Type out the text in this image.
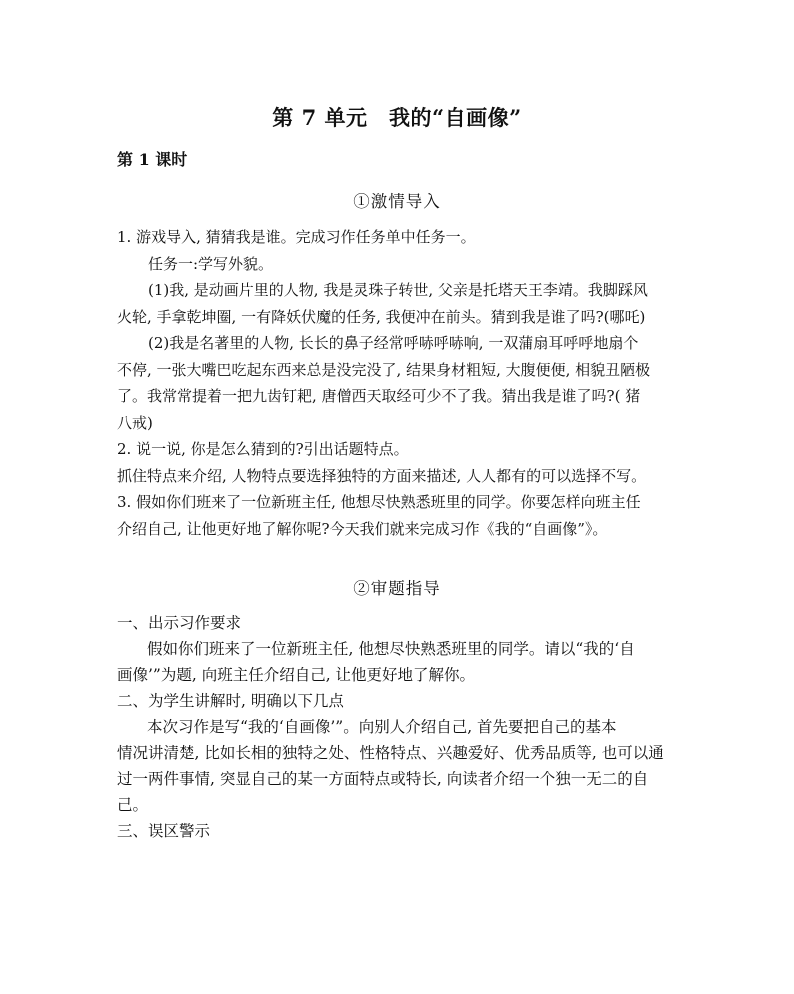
第 7 单元　我的“自画像”
第 1 课时
①激情导入

1. 游戏导入, 猜猜我是谁。完成习作任务单中任务一。

任务一:学写外貌。

(1)我, 是动画片里的人物, 我是灵珠子转世, 父亲是托塔天王李靖。我脚踩风

火轮, 手拿乾坤圈, 一有降妖伏魔的任务, 我便冲在前头。猜到我是谁了吗?(哪吒)

(2)我是名著里的人物, 长长的鼻子经常呼哧呼哧响, 一双蒲扇耳呼呼地扇个

不停, 一张大嘴巴吃起东西来总是没完没了, 结果身材粗短, 大腹便便, 相貌丑陋极

了。我常常提着一把九齿钉耙, 唐僧西天取经可少不了我。猜出我是谁了吗?( 猪

八戒)

2. 说一说, 你是怎么猜到的?引出话题特点。

抓住特点来介绍, 人物特点要选择独特的方面来描述, 人人都有的可以选择不写。

3. 假如你们班来了一位新班主任, 他想尽快熟悉班里的同学。你要怎样向班主任

介绍自己, 让他更好地了解你呢?今天我们就来完成习作《我的“自画像”》。

②审题指导

一、出示习作要求

假如你们班来了一位新班主任, 他想尽快熟悉班里的同学。请以“我的‘自

画像’”为题, 向班主任介绍自己, 让他更好地了解你。

二、为学生讲解时, 明确以下几点

本次习作是写“我的‘自画像’”。向别人介绍自己, 首先要把自己的基本

情况讲清楚, 比如长相的独特之处、性格特点、兴趣爱好、优秀品质等, 也可以通

过一两件事情, 突显自己的某一方面特点或特长, 向读者介绍一个独一无二的自

己。

三、误区警示
